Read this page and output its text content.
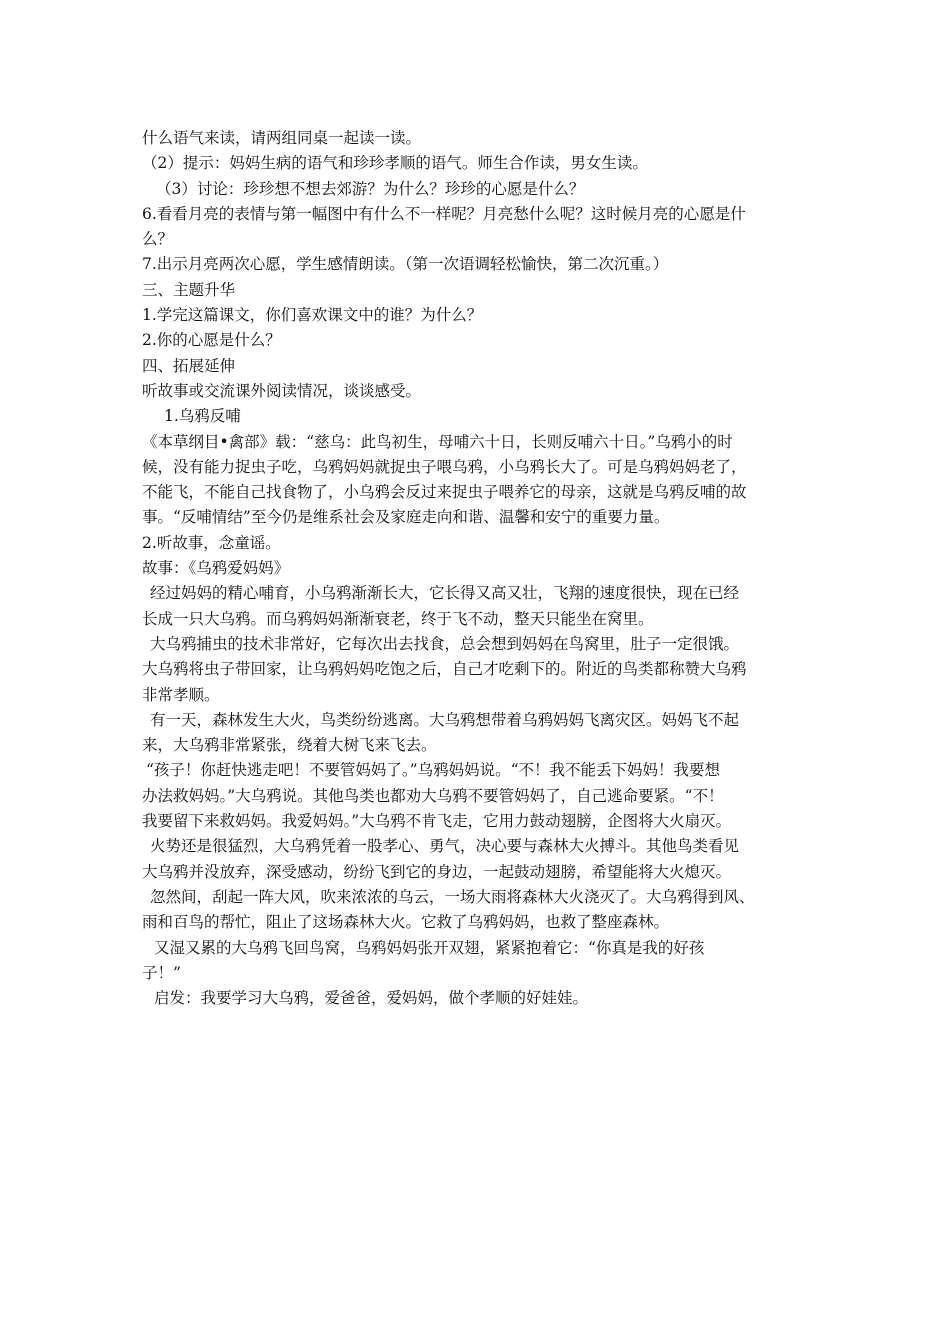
什么语气来读，请两组同桌一起读一读。
（2）提示：妈妈生病的语气和珍珍孝顺的语气。师生合作读，男女生读。
（3）讨论：珍珍想不想去郊游？为什么？珍珍的心愿是什么？
6.看看月亮的表情与第一幅图中有什么不一样呢？月亮愁什么呢？这时候月亮的心愿是什
么？
7.出示月亮两次心愿，学生感情朗读。（第一次语调轻松愉快，第二次沉重。）
三、主题升华
1.学完这篇课文，你们喜欢课文中的谁？为什么？
2.你的心愿是什么？
四、拓展延伸
听故事或交流课外阅读情况，谈谈感受。
1.乌鸦反哺
《本草纲目•禽部》载：“慈乌：此鸟初生，母哺六十日，长则反哺六十日。”乌鸦小的时
候，没有能力捉虫子吃，乌鸦妈妈就捉虫子喂乌鸦，小乌鸦长大了。可是乌鸦妈妈老了，
不能飞，不能自己找食物了，小乌鸦会反过来捉虫子喂养它的母亲，这就是乌鸦反哺的故
事。“反哺情结”至今仍是维系社会及家庭走向和谐、温馨和安宁的重要力量。
2.听故事，念童谣。
故事：《乌鸦爱妈妈》
经过妈妈的精心哺育，小乌鸦渐渐长大，它长得又高又壮，飞翔的速度很快，现在已经
长成一只大乌鸦。而乌鸦妈妈渐渐衰老，终于飞不动，整天只能坐在窝里。
大乌鸦捕虫的技术非常好，它每次出去找食，总会想到妈妈在鸟窝里，肚子一定很饿。
大乌鸦将虫子带回家，让乌鸦妈妈吃饱之后，自己才吃剩下的。附近的鸟类都称赞大乌鸦
非常孝顺。
有一天，森林发生大火，鸟类纷纷逃离。大乌鸦想带着乌鸦妈妈飞离灾区。妈妈飞不起
来，大乌鸦非常紧张，绕着大树飞来飞去。
“孩子！你赶快逃走吧！不要管妈妈了。”乌鸦妈妈说。“不！我不能丢下妈妈！我要想
办法救妈妈。”大乌鸦说。其他鸟类也都劝大乌鸦不要管妈妈了，自己逃命要紧。“不！
我要留下来救妈妈。我爱妈妈。”大乌鸦不肯飞走，它用力鼓动翅膀，企图将大火扇灭。
火势还是很猛烈，大乌鸦凭着一股孝心、勇气，决心要与森林大火搏斗。其他鸟类看见
大乌鸦并没放弃，深受感动，纷纷飞到它的身边，一起鼓动翅膀，希望能将大火熄灭。
忽然间，刮起一阵大风，吹来浓浓的乌云，一场大雨将森林大火浇灭了。大乌鸦得到风、
雨和百鸟的帮忙，阻止了这场森林大火。它救了乌鸦妈妈，也救了整座森林。
又湿又累的大乌鸦飞回鸟窝，乌鸦妈妈张开双翅，紧紧抱着它：“你真是我的好孩
子！”
启发：我要学习大乌鸦，爱爸爸，爱妈妈，做个孝顺的好娃娃。
